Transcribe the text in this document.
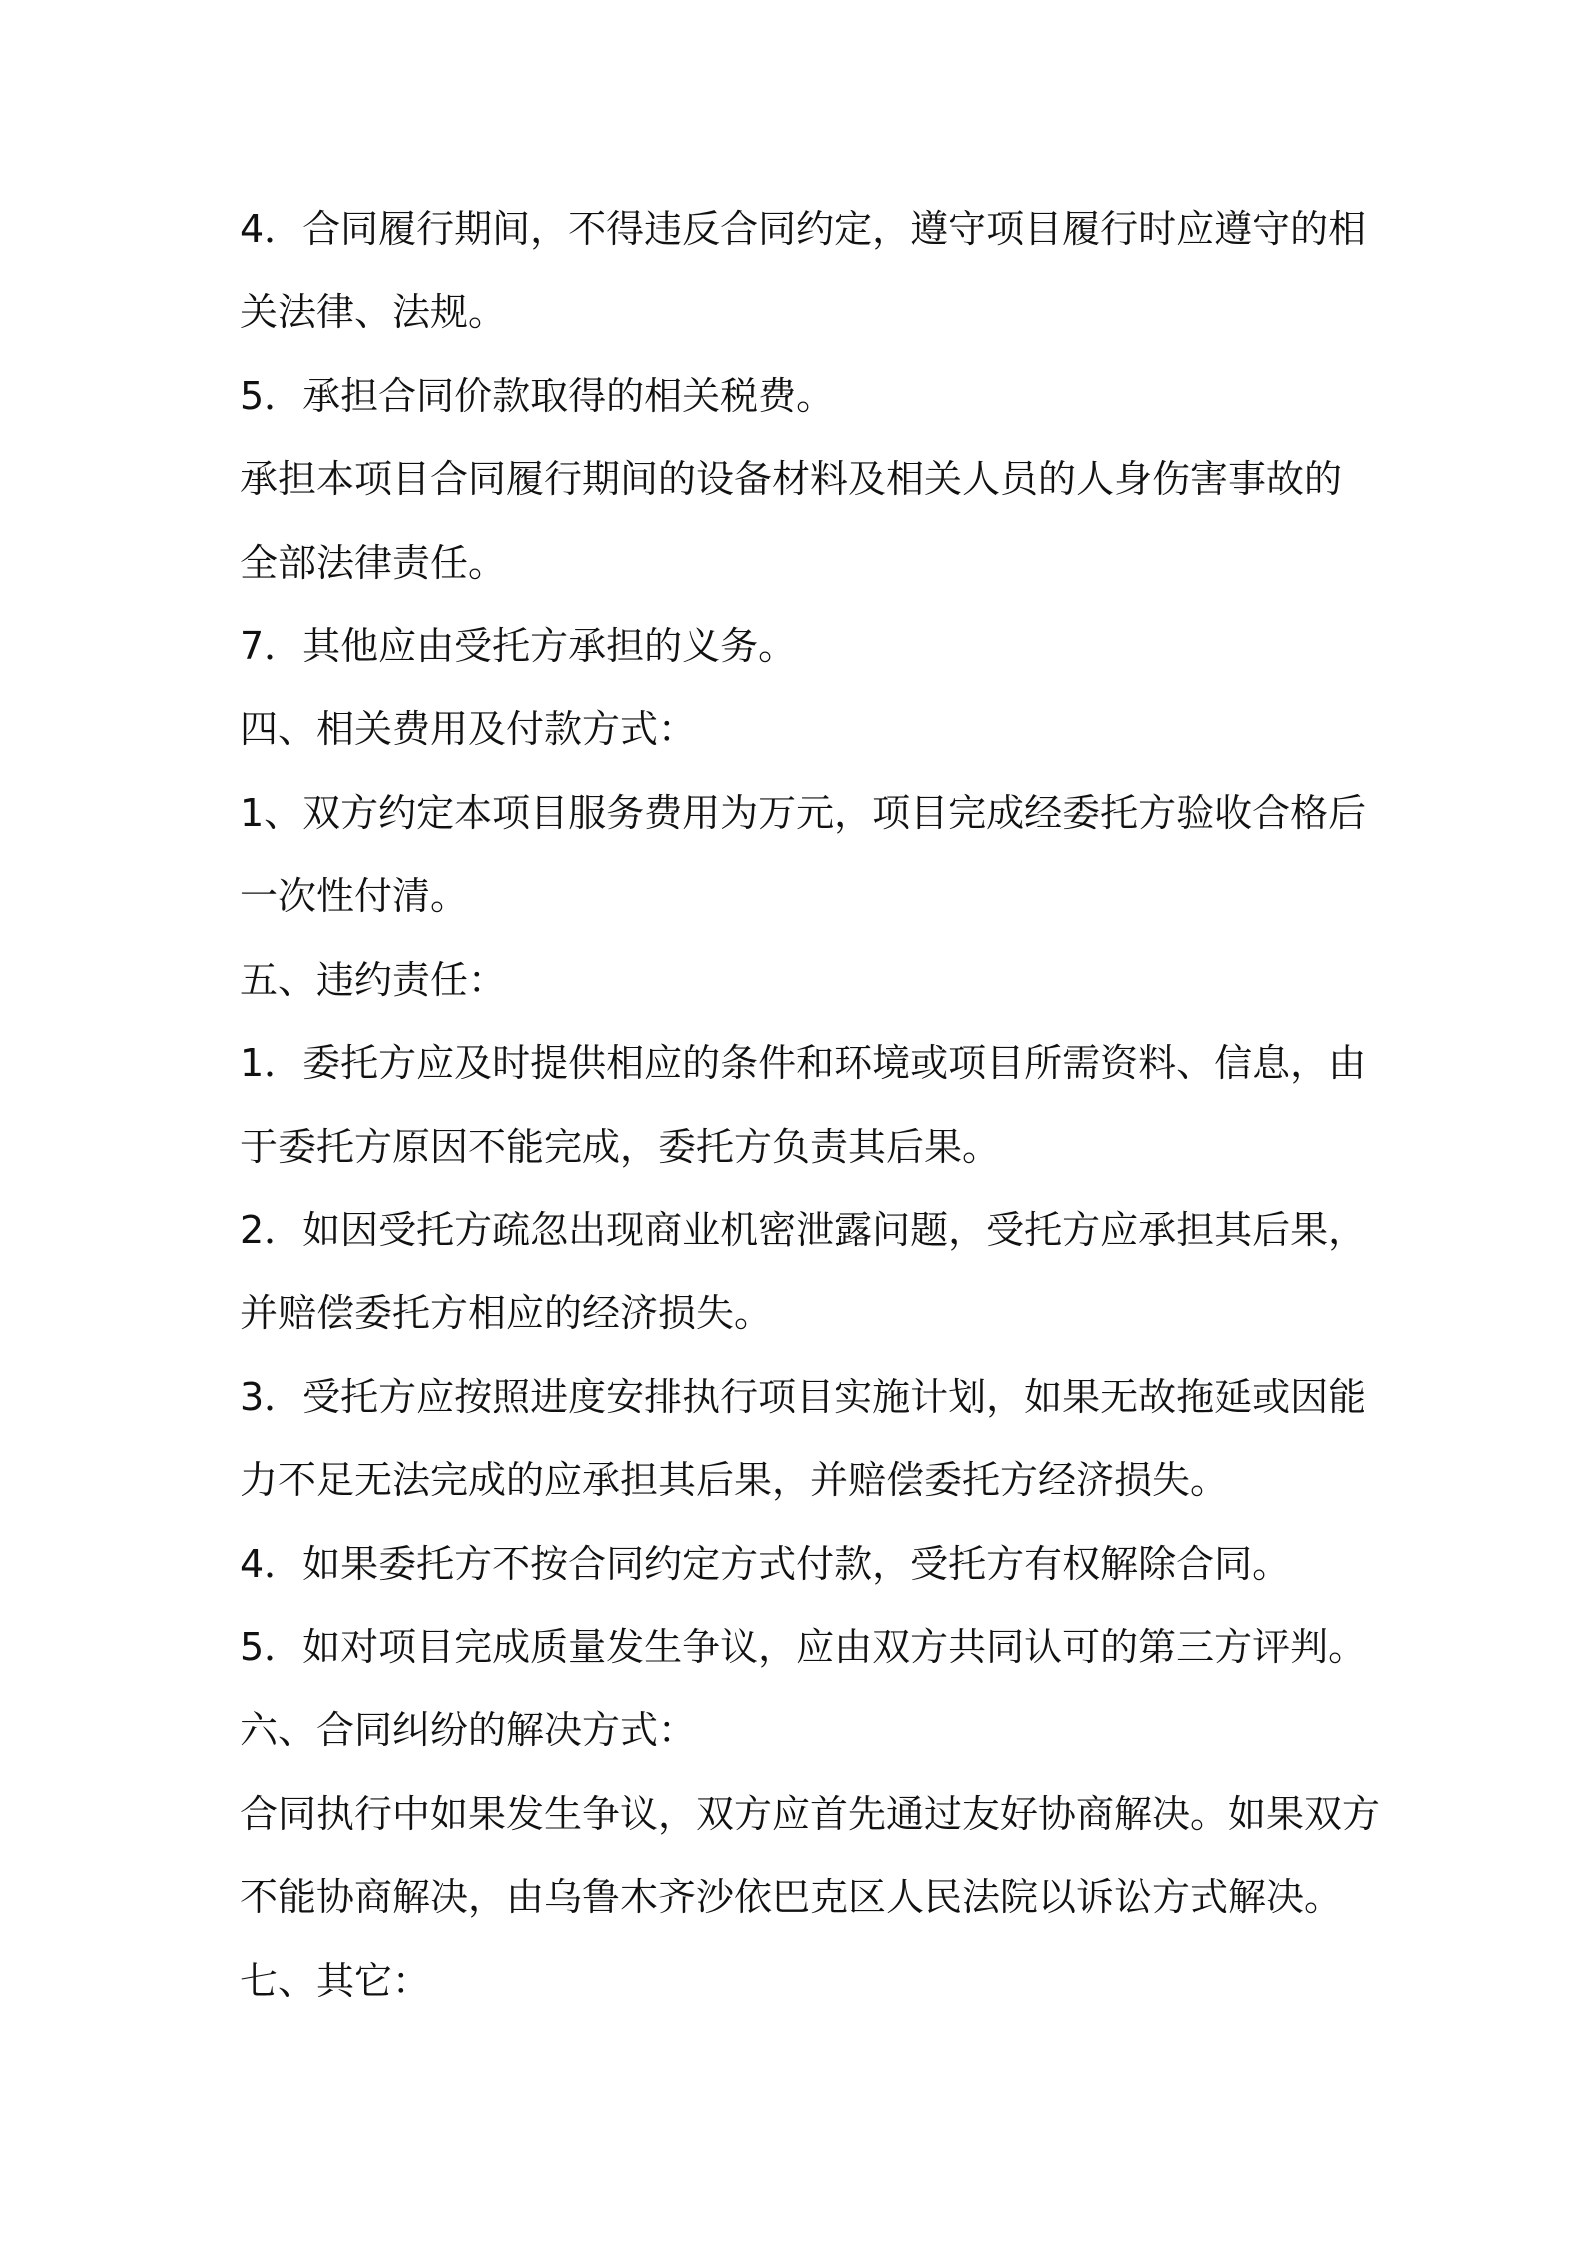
4．合同履行期间，不得违反合同约定，遵守项目履行时应遵守的相
关法律、法规。
5．承担合同价款取得的相关税费。
承担本项目合同履行期间的设备材料及相关人员的人身伤害事故的
全部法律责任。
7．其他应由受托方承担的义务。
四、相关费用及付款方式：
1、双方约定本项目服务费用为万元，项目完成经委托方验收合格后
一次性付清。
五、违约责任：
1．委托方应及时提供相应的条件和环境或项目所需资料、信息，由
于委托方原因不能完成，委托方负责其后果。
2．如因受托方疏忽出现商业机密泄露问题，受托方应承担其后果，
并赔偿委托方相应的经济损失。
3．受托方应按照进度安排执行项目实施计划，如果无故拖延或因能
力不足无法完成的应承担其后果，并赔偿委托方经济损失。
4．如果委托方不按合同约定方式付款，受托方有权解除合同。
5．如对项目完成质量发生争议，应由双方共同认可的第三方评判。
六、合同纠纷的解决方式：
合同执行中如果发生争议，双方应首先通过友好协商解决。如果双方
不能协商解决，由乌鲁木齐沙依巴克区人民法院以诉讼方式解决。
七、其它：
